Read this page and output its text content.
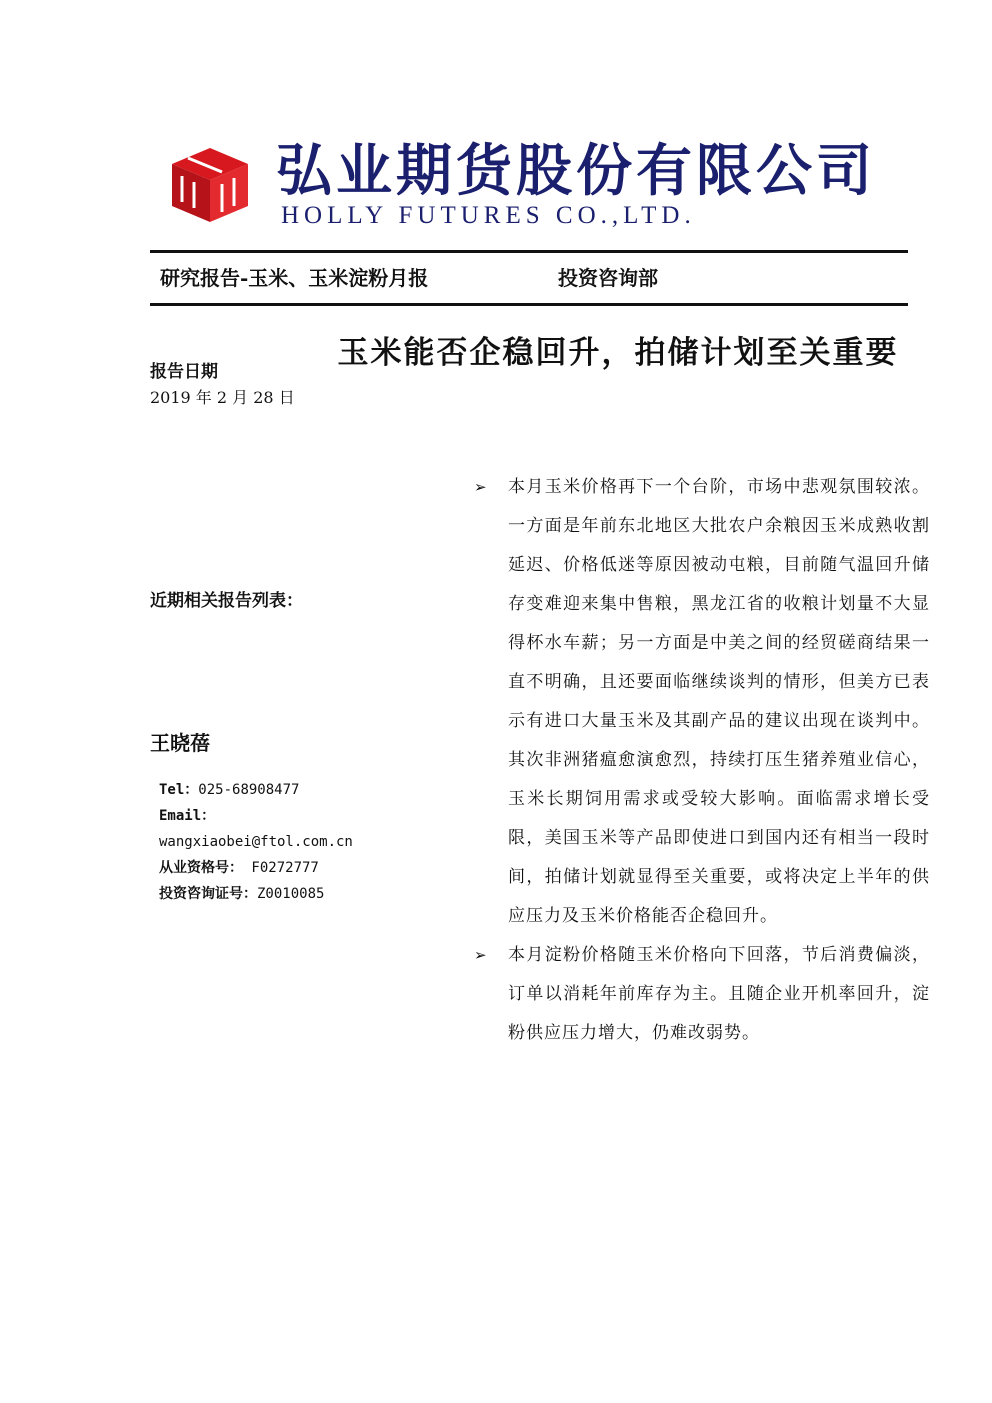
弘业期货股份有限公司
HOLLY FUTURES CO.,LTD.
研究报告-玉米、玉米淀粉月报	投资咨询部
玉米能否企稳回升，拍储计划至关重要
报告日期
2019 年 2 月 28 日
近期相关报告列表：
王晓蓓
Tel：025-68908477
Email：
wangxiaobei@ftol.com.cn
从业资格号： F0272777
投资咨询证号：Z0010085
➢ 本月玉米价格再下一个台阶，市场中悲观氛围较浓。一方面是年前东北地区大批农户余粮因玉米成熟收割延迟、价格低迷等原因被动屯粮，目前随气温回升储存变难迎来集中售粮，黑龙江省的收粮计划量不大显得杯水车薪；另一方面是中美之间的经贸磋商结果一直不明确，且还要面临继续谈判的情形，但美方已表示有进口大量玉米及其副产品的建议出现在谈判中。其次非洲猪瘟愈演愈烈，持续打压生猪养殖业信心，玉米长期饲用需求或受较大影响。面临需求增长受限，美国玉米等产品即使进口到国内还有相当一段时间，拍储计划就显得至关重要，或将决定上半年的供应压力及玉米价格能否企稳回升。
➢ 本月淀粉价格随玉米价格向下回落，节后消费偏淡，订单以消耗年前库存为主。且随企业开机率回升，淀粉供应压力增大，仍难改弱势。
